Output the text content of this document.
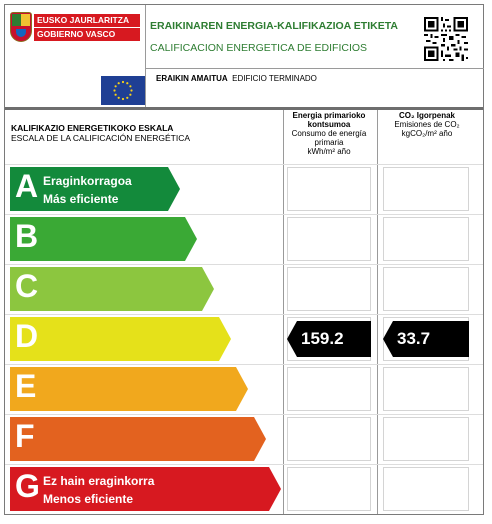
EUSKO JAURLARITZA
GOBIERNO VASCO
ERAIKINAREN ENERGIA-KALIFIKAZIOA ETIKETA
CALIFICACION ENERGETICA DE EDIFICIOS
ERAIKIN AMAITUA EDIFICIO TERMINADO
KALIFIKAZIO ENERGETIKOKO ESKALA
ESCALA DE LA CALIFICACIÓN ENERGÉTICA
Energia primarioko kontsumoa
Consumo de energía primaria
kWh/m² año
CO₂ Igorpenak
Emisiones de CO₂
kgCO₂/m² año
A Eraginkorragoa
Más eficiente
B
C
D	159.2	33.7
E
F
G Ez hain eraginkorra
Menos eficiente
